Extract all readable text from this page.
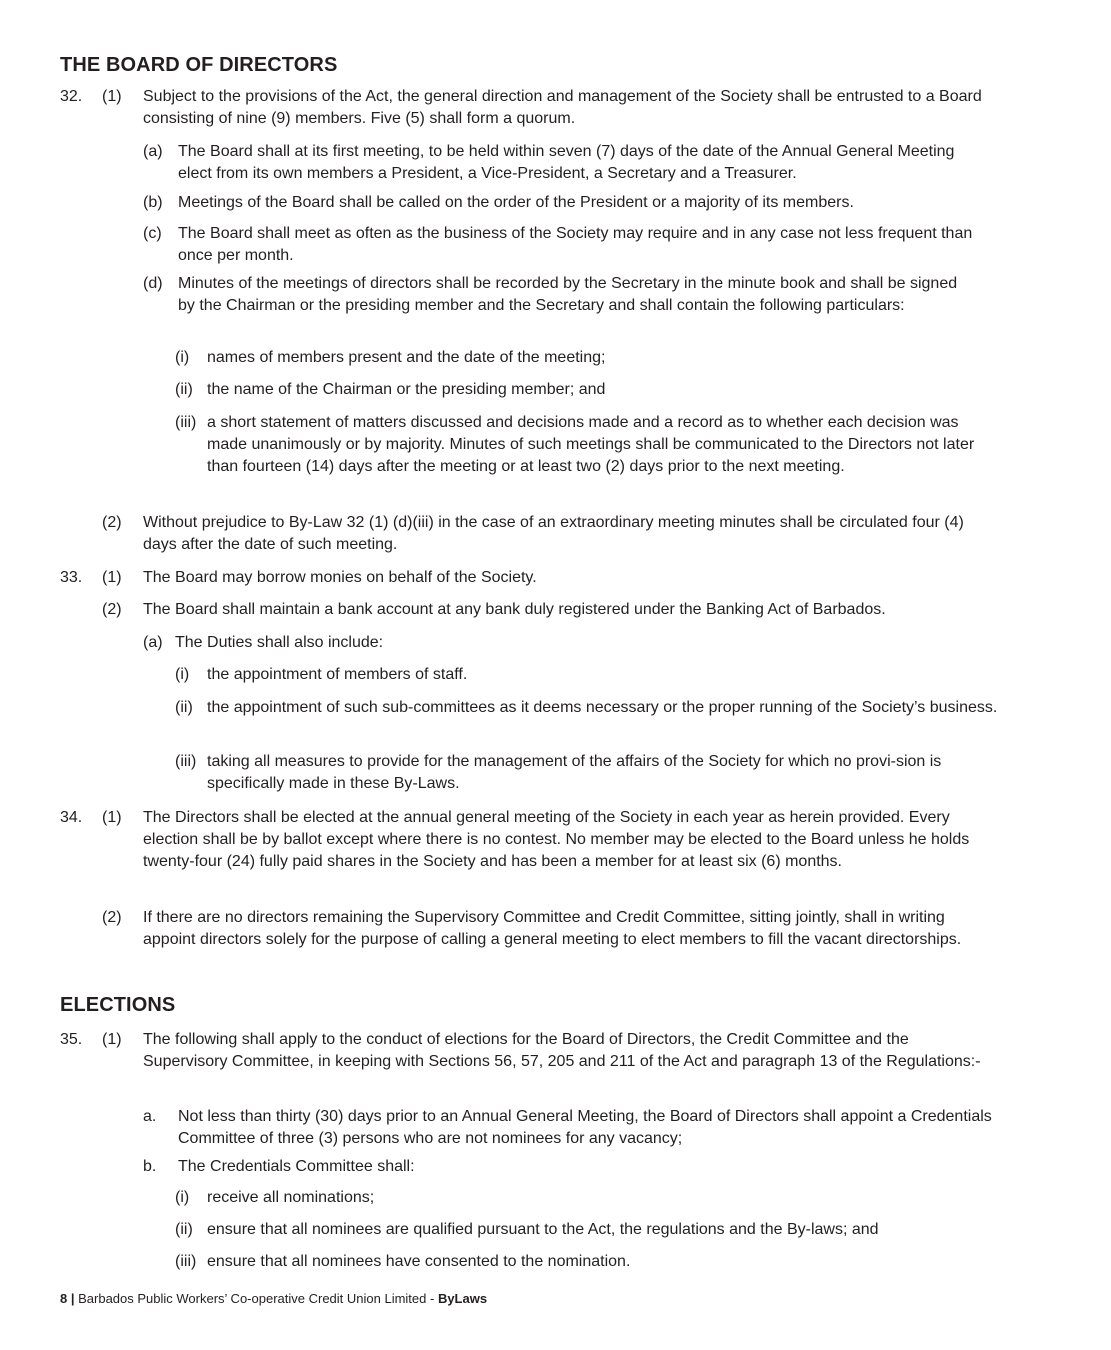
THE BOARD OF DIRECTORS
32. (1) Subject to the provisions of the Act, the general direction and management of the Society shall be entrusted to a Board consisting of nine (9) members. Five (5) shall form a quorum.
(a) The Board shall at its first meeting, to be held within seven (7) days of the date of the Annual General Meeting elect from its own members a President, a Vice-President, a Secretary and a Treasurer.
(b) Meetings of the Board shall be called on the order of the President or a majority of its members.
(c) The Board shall meet as often as the business of the Society may require and in any case not less frequent than once per month.
(d) Minutes of the meetings of directors shall be recorded by the Secretary in the minute book and shall be signed by the Chairman or the presiding member and the Secretary and shall contain the following particulars:
(i) names of members present and the date of the meeting;
(ii) the name of the Chairman or the presiding member; and
(iii) a short statement of matters discussed and decisions made and a record as to whether each decision was made unanimously or by majority. Minutes of such meetings shall be communicated to the Directors not later than fourteen (14) days after the meeting or at least two (2) days prior to the next meeting.
(2) Without prejudice to By-Law 32 (1) (d)(iii) in the case of an extraordinary meeting minutes shall be circulated four (4) days after the date of such meeting.
33. (1) The Board may borrow monies on behalf of the Society.
(2) The Board shall maintain a bank account at any bank duly registered under the Banking Act of Barbados.
(a) The Duties shall also include:
(i) the appointment of members of staff.
(ii) the appointment of such sub-committees as it deems necessary or the proper running of the Society’s business.
(iii) taking all measures to provide for the management of the affairs of the Society for which no provi-sion is specifically made in these By-Laws.
34. (1) The Directors shall be elected at the annual general meeting of the Society in each year as herein provided. Every election shall be by ballot except where there is no contest. No member may be elected to the Board unless he holds twenty-four (24) fully paid shares in the Society and has been a member for at least six (6) months.
(2) If there are no directors remaining the Supervisory Committee and Credit Committee, sitting jointly, shall in writing appoint directors solely for the purpose of calling a general meeting to elect members to fill the vacant directorships.
ELECTIONS
35. (1) The following shall apply to the conduct of elections for the Board of Directors, the Credit Committee and the Supervisory Committee, in keeping with Sections 56, 57, 205 and 211 of the Act and paragraph 13 of the Regulations:-
a. Not less than thirty (30) days prior to an Annual General Meeting, the Board of Directors shall appoint a Credentials Committee of three (3) persons who are not nominees for any vacancy;
b. The Credentials Committee shall:
(i) receive all nominations;
(ii) ensure that all nominees are qualified pursuant to the Act, the regulations and the By-laws; and
(iii) ensure that all nominees have consented to the nomination.
8 | Barbados Public Workers’ Co-operative Credit Union Limited - ByLaws
